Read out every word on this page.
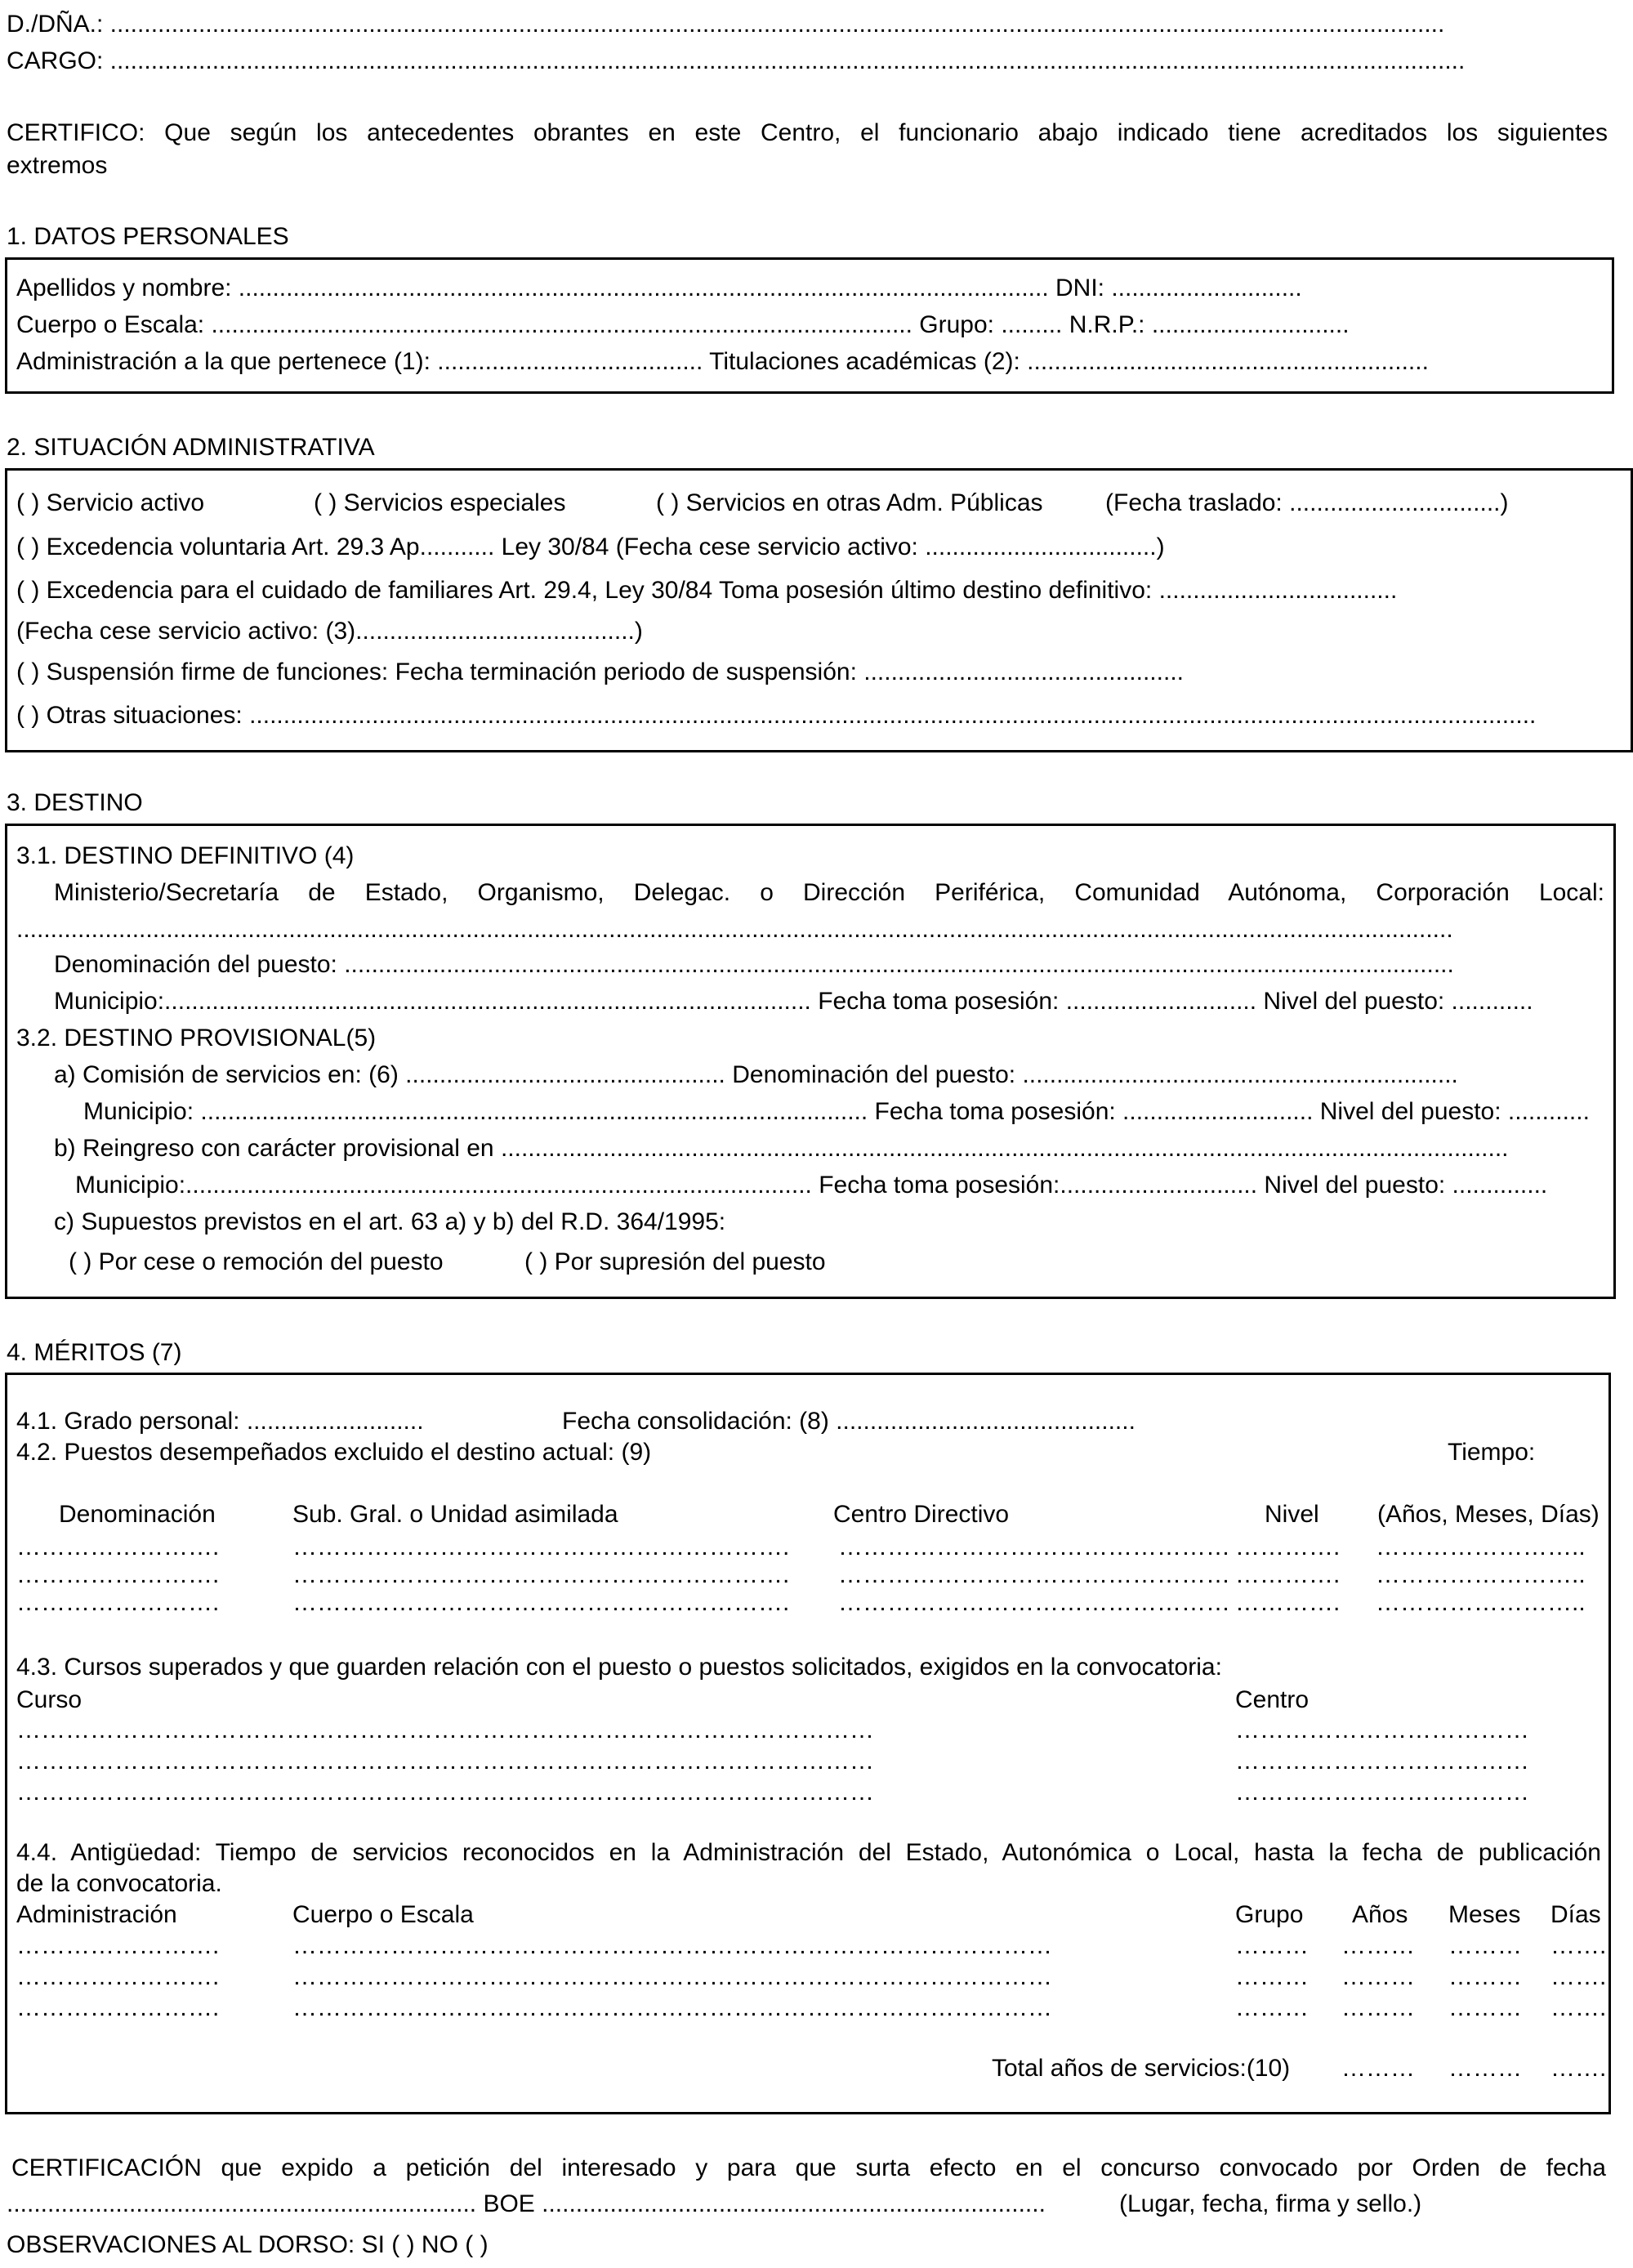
D./DÑA.: ....................................................................................................................................................................................................
CARGO: .......................................................................................................................................................................................................
CERTIFICO: Que según los antecedentes obrantes en este Centro, el funcionario abajo indicado tiene acreditados los siguientes
extremos
1. DATOS PERSONALES
Apellidos y nombre: ....................................................................................................................... DNI: ............................
Cuerpo o Escala: ....................................................................................................... Grupo: ......... N.R.P.: .............................
Administración a la que pertenece (1): ....................................... Titulaciones académicas (2): ...........................................................
2. SITUACIÓN ADMINISTRATIVA
( ) Servicio activo	( ) Servicios especiales	( ) Servicios en otras Adm. Públicas	(Fecha traslado: ...............................)
( ) Excedencia voluntaria Art. 29.3 Ap........... Ley 30/84 (Fecha cese servicio activo: ..................................)
( ) Excedencia para el cuidado de familiares Art. 29.4, Ley 30/84 Toma posesión último destino definitivo: ...................................
(Fecha cese servicio activo: (3).........................................)
( ) Suspensión firme de funciones: Fecha terminación periodo de suspensión: ...............................................
( ) Otras situaciones: .............................................................................................................................................................................................
3. DESTINO
3.1. DESTINO DEFINITIVO (4)
Ministerio/Secretaría de Estado, Organismo, Delegac. o Dirección Periférica, Comunidad Autónoma, Corporación Local:
...................................................................................................................................................................................................................
Denominación del puesto: ...................................................................................................................................................................
Municipio:............................................................................................... Fecha toma posesión: ............................ Nivel del puesto: ............
3.2. DESTINO PROVISIONAL(5)
a) Comisión de servicios en: (6) ............................................... Denominación del puesto: ................................................................
Municipio: .................................................................................................. Fecha toma posesión: ............................ Nivel del puesto: ............
b) Reingreso con carácter provisional en ....................................................................................................................................................
Municipio:............................................................................................ Fecha toma posesión:............................. Nivel del puesto: ..............
c) Supuestos previstos en el art. 63 a) y b) del R.D. 364/1995:
( ) Por cese o remoción del puesto	( ) Por supresión del puesto
4. MÉRITOS (7)
4.1. Grado personal: ..........................	Fecha consolidación: (8) ............................................
4.2. Puestos desempeñados excluido el destino actual: (9)	Tiempo:
Denominación	Sub. Gral. o Unidad asimilada	Centro Directivo	Nivel (Años, Meses, Días)
…………………….	……………………………………………………. ………………………………………… …………. ……………………..
…………………….	……………………………………………………. ………………………………………… …………. ……………………..
…………………….	……………………………………………………. ………………………………………… …………. ……………………..
4.3. Cursos superados y que guarden relación con el puesto o puestos solicitados, exigidos en la convocatoria:
Curso	Centro
……………………………………………………………………………………………	………………………………
……………………………………………………………………………………………	………………………………
……………………………………………………………………………………………	………………………………
4.4. Antigüedad: Tiempo de servicios reconocidos en la Administración del Estado, Autonómica o Local, hasta la fecha de publicación
de la convocatoria.
Administración	Cuerpo o Escala	Grupo Años Meses Días
…………………….	…………………………………………………………………………………	……… ……… ……… …….
…………………….	…………………………………………………………………………………	……… ……… ……… …….
…………………….	…………………………………………………………………………………	……… ……… ……… …….
Total años de servicios:(10) ……… ……… …….
CERTIFICACIÓN que expido a petición del interesado y para que surta efecto en el concurso convocado por Orden de fecha
..................................................................... BOE ..........................................................................	(Lugar, fecha, firma y sello.)
OBSERVACIONES AL DORSO: SI ( ) NO ( )
